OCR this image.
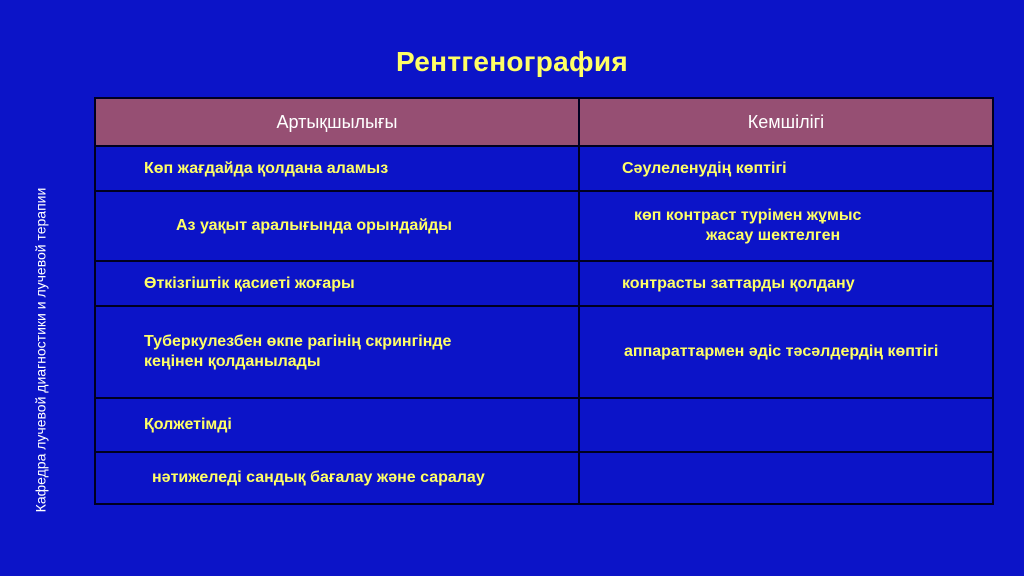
Кафедра лучевой диагностики и лучевой терапии
Рентгенография
Артықшылығы	Кемшілігі

Көп жағдайда қолдана аламыз	Сәулеленудің көптігі

Аз уақыт аралығында орындайды	көп контраст турімен жұмыс
жасау шектелген

Өткізгіштік қасиеті жоғары	контрасты заттарды қолдану

Туберкулезбен өкпе рагінің скрингінде
кеңінен қолданылады	аппараттармен әдіс тәсәлдердің көптігі

Қолжетімді	

нәтижеледі сандық бағалау және саралау	
